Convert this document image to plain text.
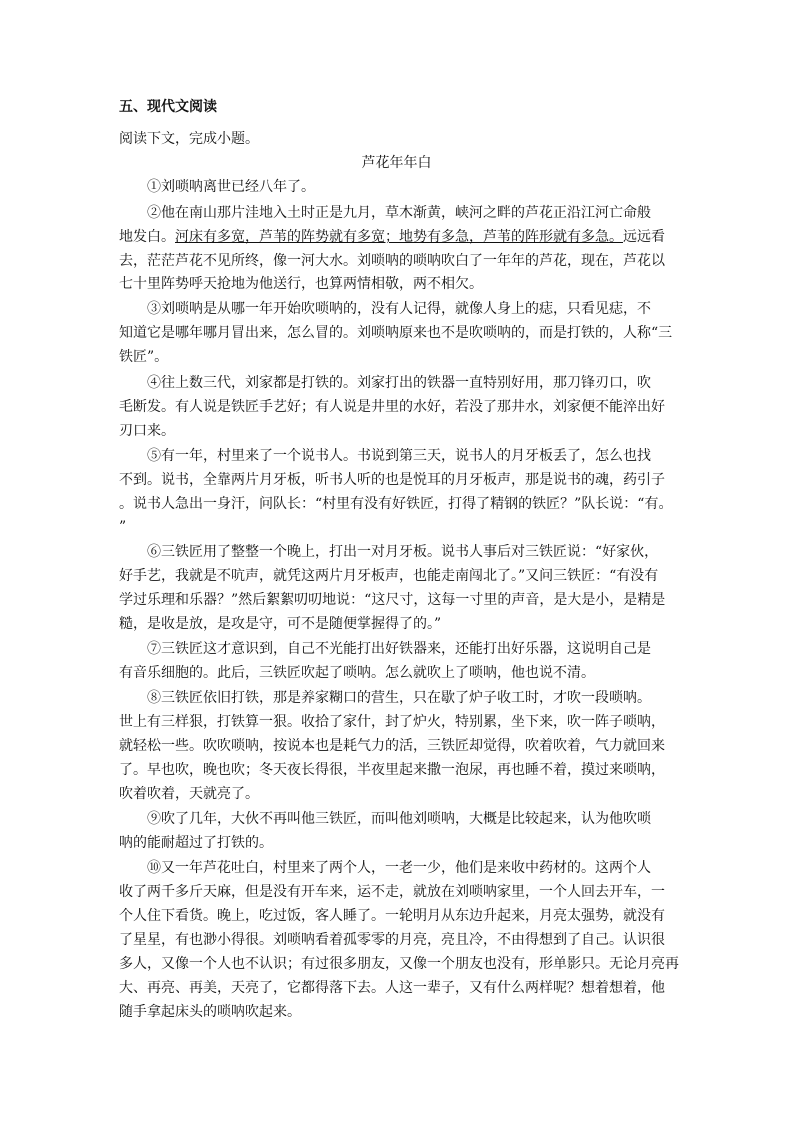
五、现代文阅读
阅读下文，完成小题。
芦花年年白
①刘唢呐离世已经八年了。
②他在南山那片洼地入土时正是九月，草木渐黄，峡河之畔的芦花正沿江河亡命般
地发白。河床有多宽，芦苇的阵势就有多宽；地势有多急，芦苇的阵形就有多急。远远看
去，茫茫芦花不见所终，像一河大水。刘唢呐的唢呐吹白了一年年的芦花，现在，芦花以
七十里阵势呼天抢地为他送行，也算两情相敬，两不相欠。
③刘唢呐是从哪一年开始吹唢呐的，没有人记得，就像人身上的痣，只看见痣，不
知道它是哪年哪月冒出来，怎么冒的。刘唢呐原来也不是吹唢呐的，而是打铁的，人称“三
铁匠”。
④往上数三代，刘家都是打铁的。刘家打出的铁器一直特别好用，那刀锋刃口，吹
毛断发。有人说是铁匠手艺好；有人说是井里的水好，若没了那井水，刘家便不能淬出好
刃口来。
⑤有一年，村里来了一个说书人。书说到第三天，说书人的月牙板丢了，怎么也找
不到。说书，全靠两片月牙板，听书人听的也是悦耳的月牙板声，那是说书的魂，药引子
。说书人急出一身汗，问队长：“村里有没有好铁匠，打得了精钢的铁匠？”队长说：“有。
”
⑥三铁匠用了整整一个晚上，打出一对月牙板。说书人事后对三铁匠说：“好家伙，
好手艺，我就是不吭声，就凭这两片月牙板声，也能走南闯北了。”又问三铁匠：“有没有
学过乐理和乐器？”然后絮絮叨叨地说：“这尺寸，这每一寸里的声音，是大是小，是精是
糙，是收是放，是攻是守，可不是随便掌握得了的。”
⑦三铁匠这才意识到，自己不光能打出好铁器来，还能打出好乐器，这说明自己是
有音乐细胞的。此后，三铁匠吹起了唢呐。怎么就吹上了唢呐，他也说不清。
⑧三铁匠依旧打铁，那是养家糊口的营生，只在歇了炉子收工时，才吹一段唢呐。
世上有三样狠，打铁算一狠。收拾了家什，封了炉火，特别累，坐下来，吹一阵子唢呐，
就轻松一些。吹吹唢呐，按说本也是耗气力的活，三铁匠却觉得，吹着吹着，气力就回来
了。早也吹，晚也吹；冬天夜长得很，半夜里起来撒一泡尿，再也睡不着，摸过来唢呐，
吹着吹着，天就亮了。
⑨吹了几年，大伙不再叫他三铁匠，而叫他刘唢呐，大概是比较起来，认为他吹唢
呐的能耐超过了打铁的。
⑩又一年芦花吐白，村里来了两个人，一老一少，他们是来收中药材的。这两个人
收了两千多斤天麻，但是没有开车来，运不走，就放在刘唢呐家里，一个人回去开车，一
个人住下看货。晚上，吃过饭，客人睡了。一轮明月从东边升起来，月亮太强势，就没有
了星星，有也渺小得很。刘唢呐看着孤零零的月亮，亮且冷，不由得想到了自己。认识很
多人，又像一个人也不认识；有过很多朋友，又像一个朋友也没有，形单影只。无论月亮再
大、再亮、再美，天亮了，它都得落下去。人这一辈子，又有什么两样呢？想着想着，他
随手拿起床头的唢呐吹起来。
